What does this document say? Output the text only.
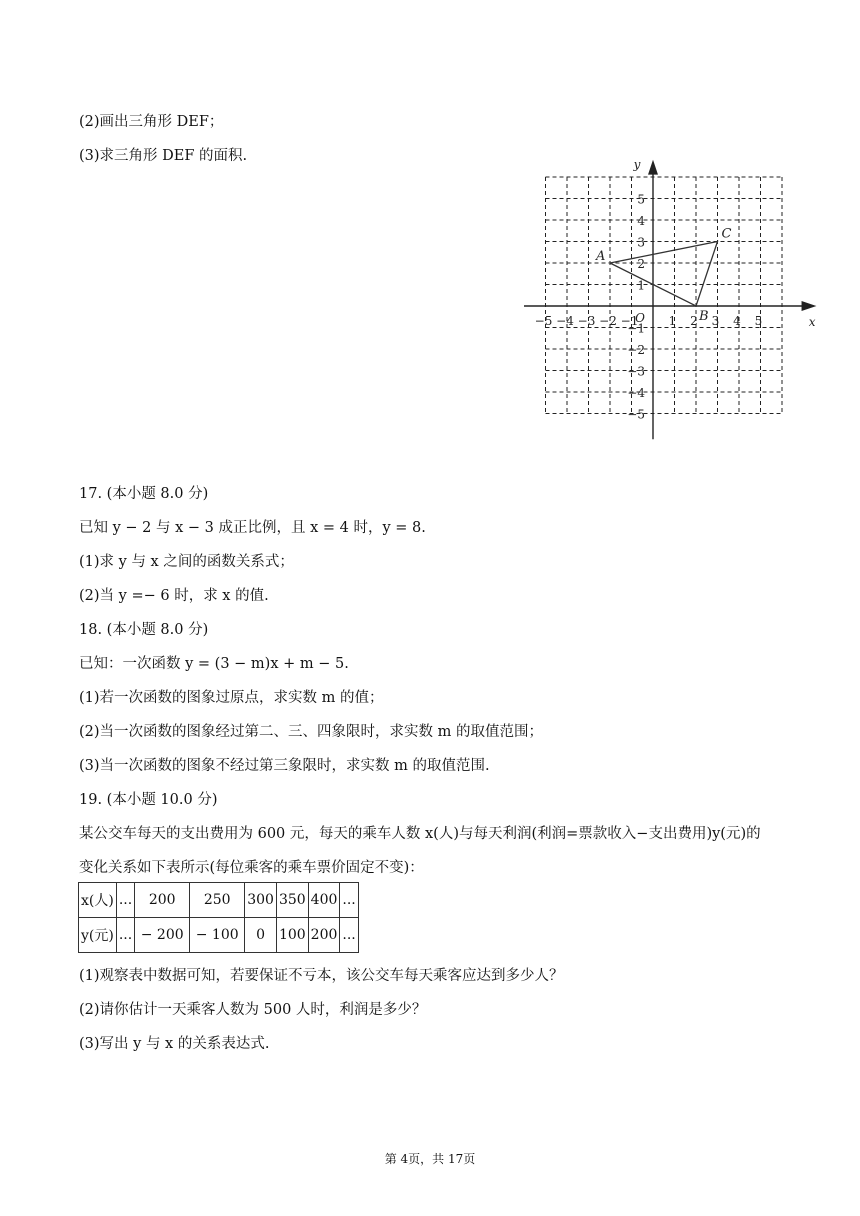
(2)画出三角形 DEF；
(3)求三角形 DEF 的面积.
−5 −4 −3 −2 −1	1 2 3 4 5
5
4
3
2
1
−1
−2
−3
−4
−5
O	x
y
A
B
C
17. (本小题 8.0 分)
已知 y − 2 与 x − 3 成正比例，且 x = 4 时，y = 8.
(1)求 y 与 x 之间的函数关系式；
(2)当 y =− 6 时，求 x 的值.
18. (本小题 8.0 分)
已知：一次函数 y = (3 − m)x + m − 5.
(1)若一次函数的图象过原点，求实数 m 的值；
(2)当一次函数的图象经过第二、三、四象限时，求实数 m 的取值范围；
(3)当一次函数的图象不经过第三象限时，求实数 m 的取值范围.
19. (本小题 10.0 分)
某公交车每天的支出费用为 600 元，每天的乘车人数 x(人)与每天利润(利润=票款收入−支出费用)y(元)的
变化关系如下表所示(每位乘客的乘车票价固定不变)：
x(人)	...	200	250	300	350	400	...
y(元)	...	− 200	− 100	0	100	200	...
(1)观察表中数据可知，若要保证不亏本，该公交车每天乘客应达到多少人？
(2)请你估计一天乘客人数为 500 人时，利润是多少？
(3)写出 y 与 x 的关系表达式.
第 4页，共 17页
